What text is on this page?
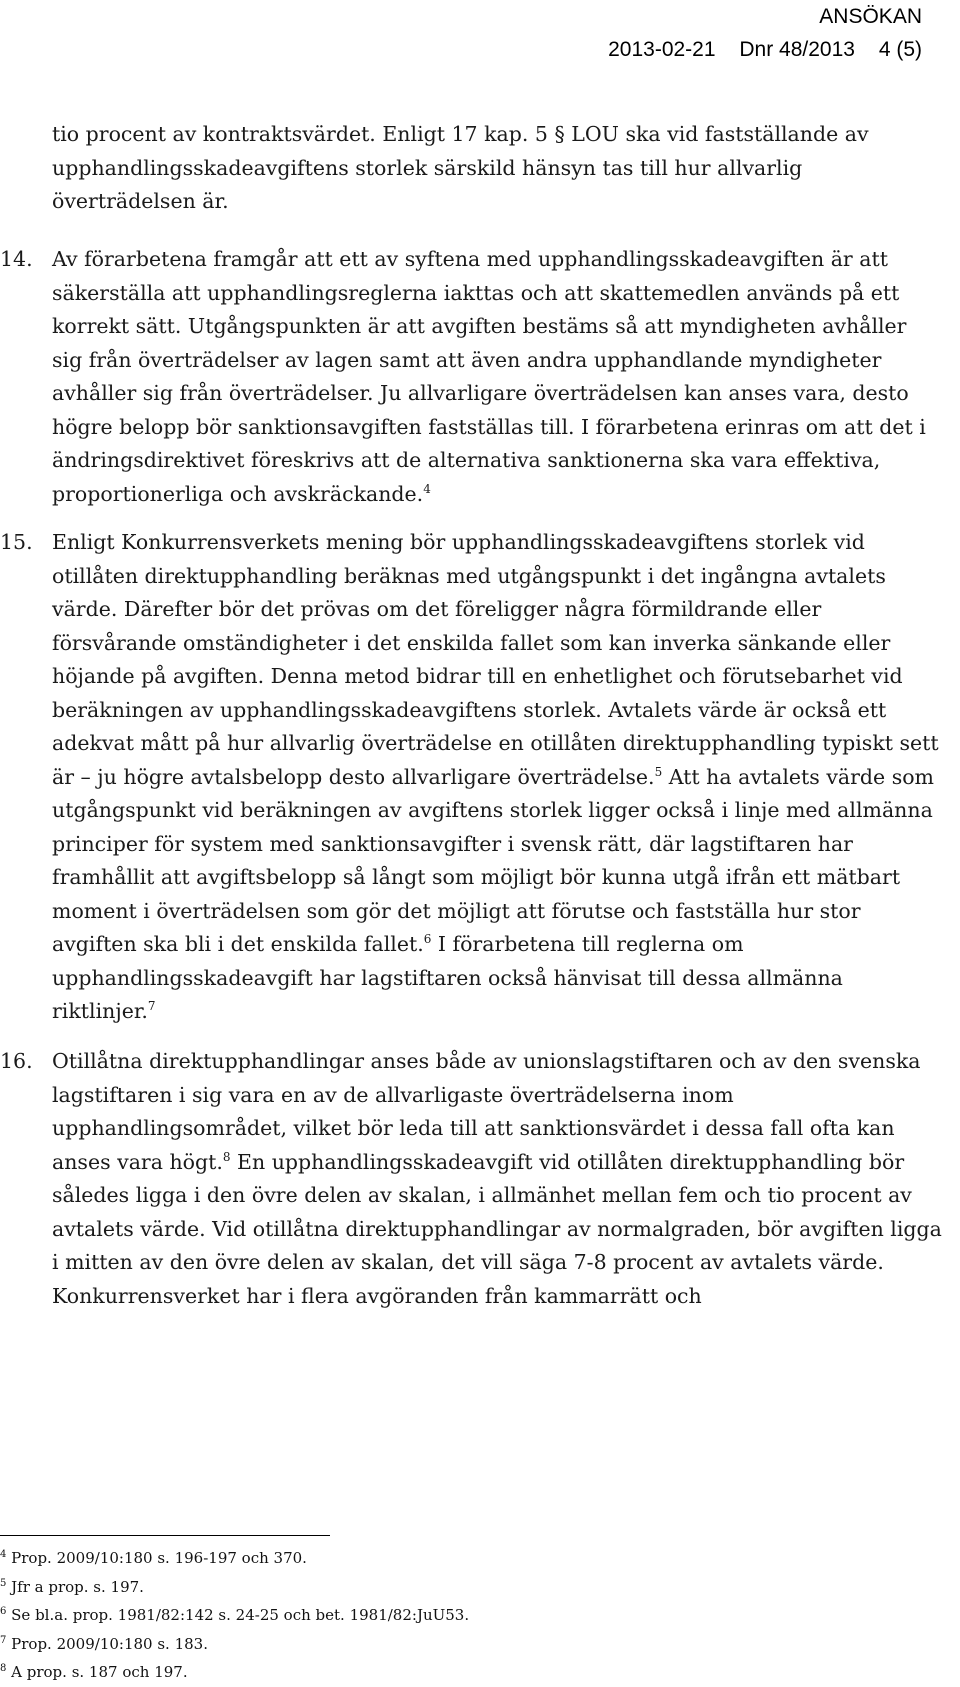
ANSÖKAN
2013-02-21 Dnr 48/2013 4 (5)

tio procent av kontraktsvärdet. Enligt 17 kap. 5 § LOU ska vid fastställande av upphandlingsskadeavgiftens storlek särskild hänsyn tas till hur allvarlig överträdelsen är.

14. Av förarbetena framgår att ett av syftena med upphandlingsskadeavgiften är att säkerställa att upphandlingsreglerna iakttas och att skattemedlen används på ett korrekt sätt. Utgångspunkten är att avgiften bestäms så att myndigheten avhåller sig från överträdelser av lagen samt att även andra upphandlande myndigheter avhåller sig från överträdelser. Ju allvarligare överträdelsen kan anses vara, desto högre belopp bör sanktionsavgiften fastställas till. I förarbetena erinras om att det i ändringsdirektivet föreskrivs att de alternativa sanktionerna ska vara effektiva, proportionerliga och avskräckande.$^4$

15. Enligt Konkurrensverkets mening bör upphandlingsskadeavgiftens storlek vid otillåten direktupphandling beräknas med utgångspunkt i det ingångna avtalets värde. Därefter bör det prövas om det föreligger några förmildrande eller försvårande omständigheter i det enskilda fallet som kan inverka sänkande eller höjande på avgiften. Denna metod bidrar till en enhetlighet och förutsebarhet vid beräkningen av upphandlingsskadeavgiftens storlek. Avtalets värde är också ett adekvat mått på hur allvarlig överträdelse en otillåten direktupphandling typiskt sett är – ju högre avtalsbelopp desto allvarligare överträdelse.$^5$ Att ha avtalets värde som utgångspunkt vid beräkningen av avgiftens storlek ligger också i linje med allmänna principer för system med sanktionsavgifter i svensk rätt, där lagstiftaren har framhållit att avgiftsbelopp så långt som möjligt bör kunna utgå ifrån ett mätbart moment i överträdelsen som gör det möjligt att förutse och fastställa hur stor avgiften ska bli i det enskilda fallet.$^6$ I förarbetena till reglerna om upphandlingsskadeavgift har lagstiftaren också hänvisat till dessa allmänna riktlinjer.$^7$

16. Otillåtna direktupphandlingar anses både av unionslagstiftaren och av den svenska lagstiftaren i sig vara en av de allvarligaste överträdelserna inom upphandlingsområdet, vilket bör leda till att sanktionsvärdet i dessa fall ofta kan anses vara högt.$^8$ En upphandlingsskadeavgift vid otillåten direktupphandling bör således ligga i den övre delen av skalan, i allmänhet mellan fem och tio procent av avtalets värde. Vid otillåtna direktupphandlingar av normalgraden, bör avgiften ligga i mitten av den övre delen av skalan, det vill säga 7-8 procent av avtalets värde. Konkurrensverket har i flera avgöranden från kammarrätt och

$^4$ Prop. 2009/10:180 s. 196-197 och 370.
$^5$ Jfr a prop. s. 197.
$^6$ Se bl.a. prop. 1981/82:142 s. 24-25 och bet. 1981/82:JuU53.
$^7$ Prop. 2009/10:180 s. 183.
$^8$ A prop. s. 187 och 197.
